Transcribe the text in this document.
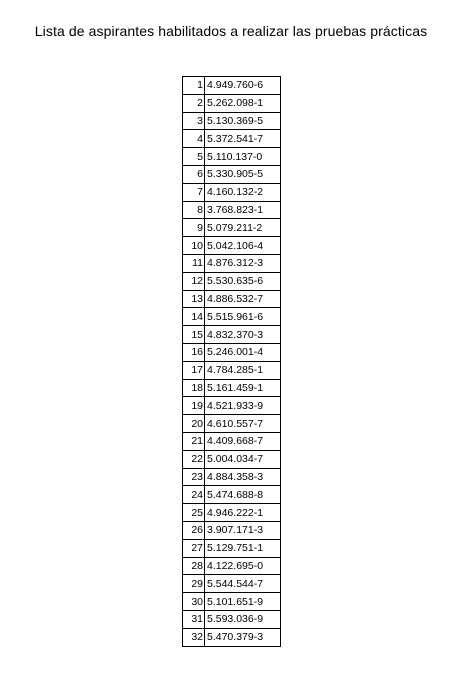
Lista de aspirantes habilitados a realizar las pruebas prácticas
1	4.949.760-6
2	5.262.098-1
3	5.130.369-5
4	5.372.541-7
5	5.110.137-0
6	5.330.905-5
7	4.160.132-2
8	3.768.823-1
9	5.079.211-2
10	5.042.106-4
11	4.876.312-3
12	5.530.635-6
13	4.886.532-7
14	5.515.961-6
15	4.832.370-3
16	5.246.001-4
17	4.784.285-1
18	5.161.459-1
19	4.521.933-9
20	4.610.557-7
21	4.409.668-7
22	5.004.034-7
23	4.884.358-3
24	5.474.688-8
25	4.946.222-1
26	3.907.171-3
27	5.129.751-1
28	4.122.695-0
29	5.544.544-7
30	5.101.651-9
31	5.593.036-9
32	5.470.379-3
